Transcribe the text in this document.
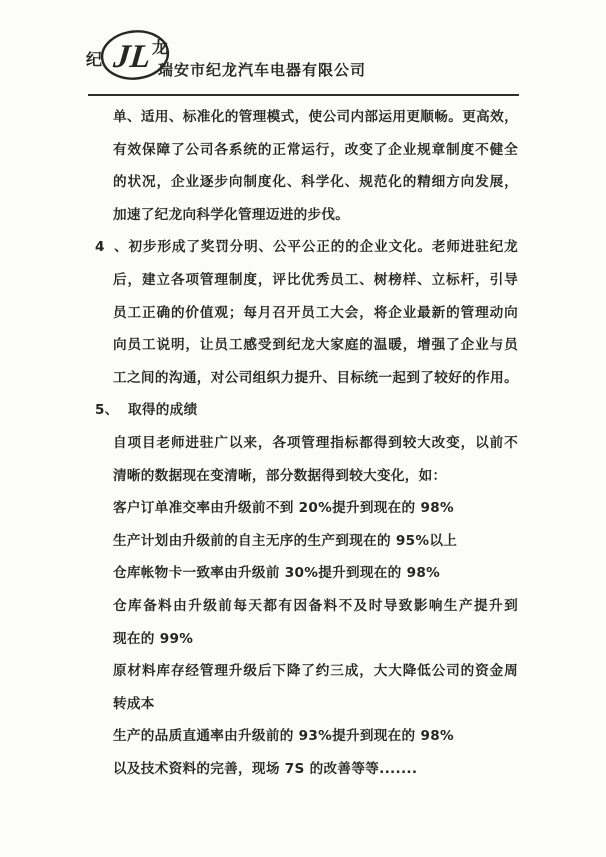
JL
纪
龙
瑞安市纪龙汽车电器有限公司
单、适用、标准化的管理模式，使公司内部运用更顺畅。更高效，
有效保障了公司各系统的正常运行，改变了企业规章制度不健全
的状况，企业逐步向制度化、科学化、规范化的精细方向发展，
加速了纪龙向科学化管理迈进的步伐。
4、初步形成了奖罚分明、公平公正的的企业文化。老师进驻纪龙
后，建立各项管理制度，评比优秀员工、树榜样、立标杆，引导
员工正确的价值观；每月召开员工大会，将企业最新的管理动向
向员工说明，让员工感受到纪龙大家庭的温暖，增强了企业与员
工之间的沟通，对公司组织力提升、目标统一起到了较好的作用。
5、 取得的成绩
自项目老师进驻广以来，各项管理指标都得到较大改变，以前不
清晰的数据现在变清晰，部分数据得到较大变化，如：
客户订单准交率由升级前不到 20%提升到现在的 98%
生产计划由升级前的自主无序的生产到现在的 95%以上
仓库帐物卡一致率由升级前 30%提升到现在的 98%
仓库备料由升级前每天都有因备料不及时导致影响生产提升到
现在的 99%
原材料库存经管理升级后下降了约三成，大大降低公司的资金周
转成本
生产的品质直通率由升级前的 93%提升到现在的 98%
以及技术资料的完善，现场 7S 的改善等等.......
